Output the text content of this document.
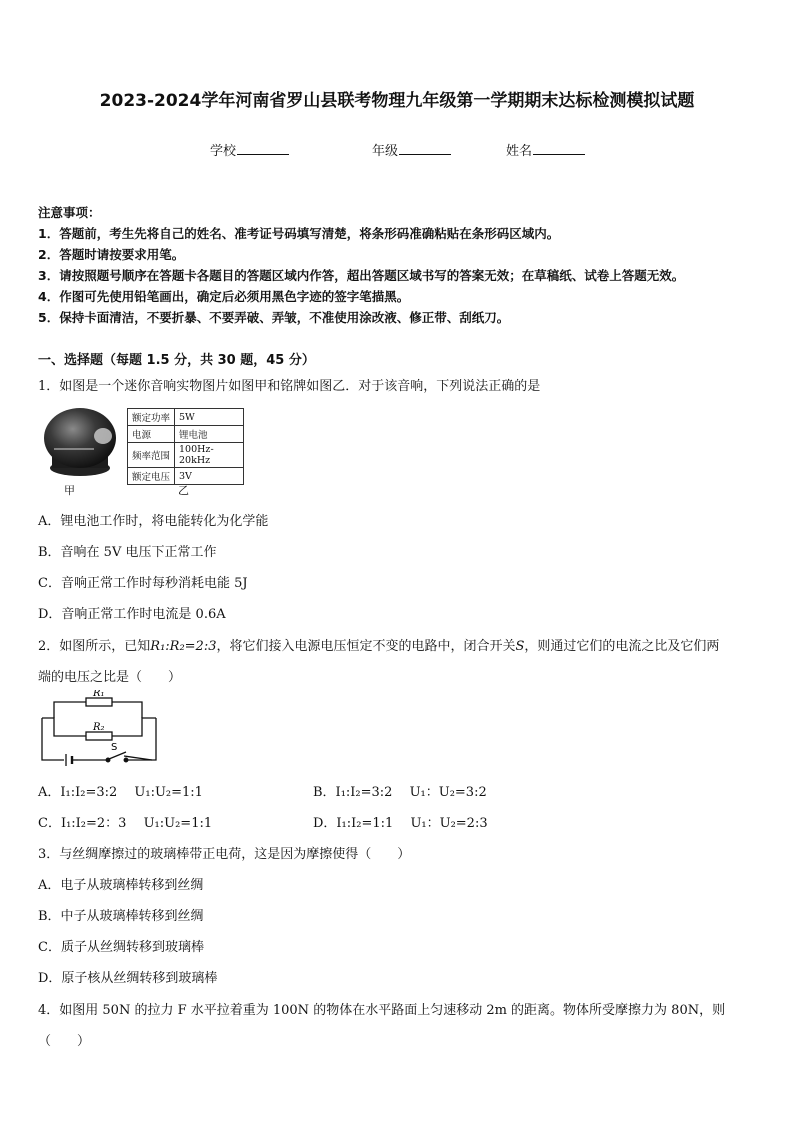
2023-2024学年河南省罗山县联考物理九年级第一学期期末达标检测模拟试题
学校	年级	姓名
注意事项：
1．答题前，考生先将自己的姓名、准考证号码填写清楚，将条形码准确粘贴在条形码区域内。
2．答题时请按要求用笔。
3．请按照题号顺序在答题卡各题目的答题区域内作答，超出答题区域书写的答案无效；在草稿纸、试卷上答题无效。
4．作图可先使用铅笔画出，确定后必须用黑色字迹的签字笔描黑。
5．保持卡面清洁，不要折暴、不要弄破、弄皱，不准使用涂改液、修正带、刮纸刀。
一、选择题（每题 1.5 分，共 30 题，45 分）
1．如图是一个迷你音响实物图片如图甲和铭牌如图乙．对于该音响，下列说法正确的是
额定功率	5W
电源	锂电池
频率范围	100Hz-20kHz
额定电压	3V
甲	乙
A．锂电池工作时，将电能转化为化学能
B．音响在 5V 电压下正常工作
C．音响正常工作时每秒消耗电能 5J
D．音响正常工作时电流是 0.6A
2．如图所示，已知R₁:R₂=2:3，将它们接入电源电压恒定不变的电路中，闭合开关S，则通过它们的电流之比及它们两
端的电压之比是（　　）
R₁
R₂
S
A．I₁:I₂=3:2　 U₁:U₂=1:1	B．I₁:I₂=3:2　 U₁：U₂=3:2
C．I₁:I₂=2：3　 U₁:U₂=1:1	D．I₁:I₂=1:1　 U₁：U₂=2:3
3．与丝绸摩擦过的玻璃棒带正电荷，这是因为摩擦使得（　　）
A．电子从玻璃棒转移到丝绸
B．中子从玻璃棒转移到丝绸
C．质子从丝绸转移到玻璃棒
D．原子核从丝绸转移到玻璃棒
4．如图用 50N 的拉力 F 水平拉着重为 100N 的物体在水平路面上匀速移动 2m 的距离。物体所受摩擦力为 80N，则
（　　）
